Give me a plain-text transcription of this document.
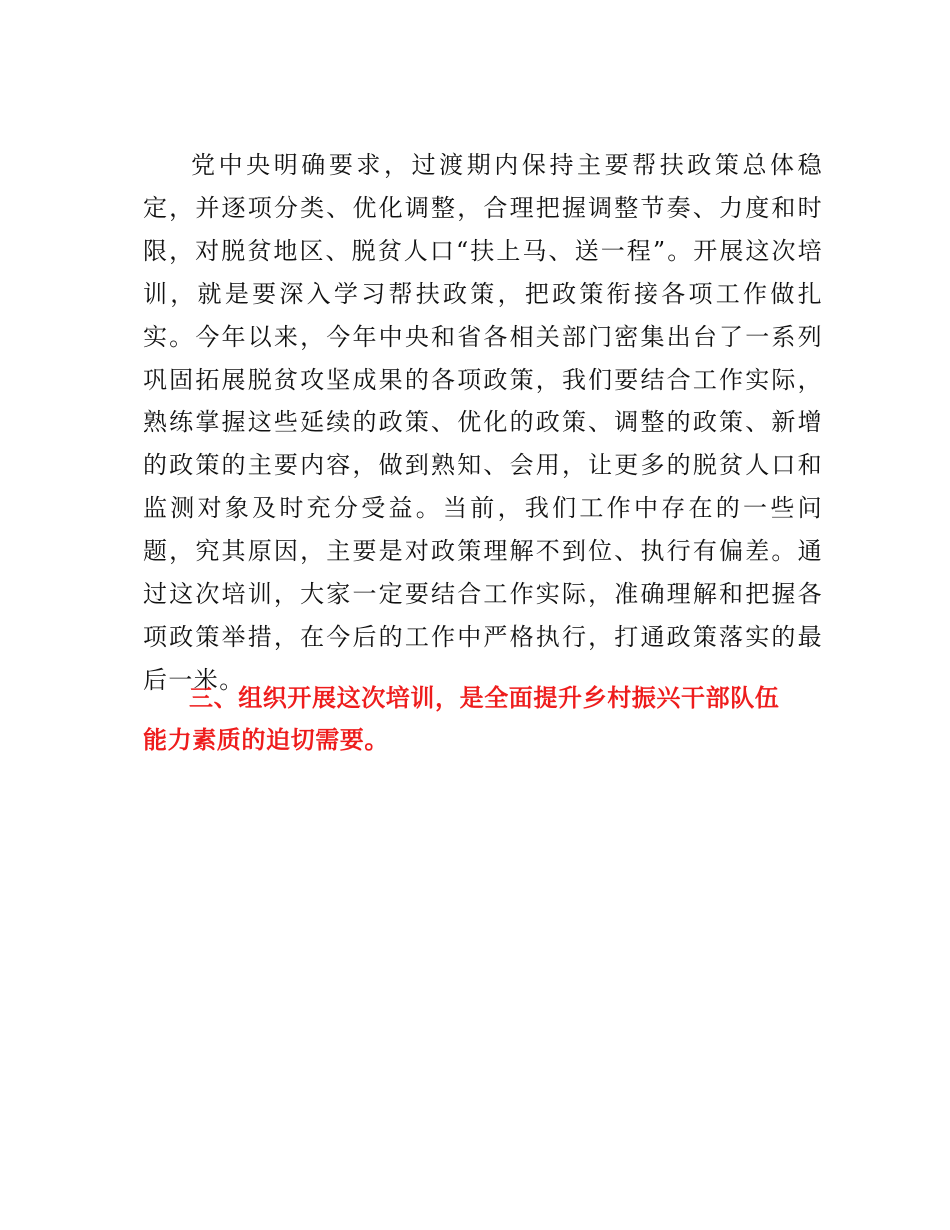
党中央明确要求，过渡期内保持主要帮扶政策总体稳定，并逐项分类、优化调整，合理把握调整节奏、力度和时限，对脱贫地区、脱贫人口“扶上马、送一程”。开展这次培训，就是要深入学习帮扶政策，把政策衔接各项工作做扎实。今年以来，今年中央和省各相关部门密集出台了一系列巩固拓展脱贫攻坚成果的各项政策，我们要结合工作实际，熟练掌握这些延续的政策、优化的政策、调整的政策、新增的政策的主要内容，做到熟知、会用，让更多的脱贫人口和监测对象及时充分受益。当前，我们工作中存在的一些问题，究其原因，主要是对政策理解不到位、执行有偏差。通过这次培训，大家一定要结合工作实际，准确理解和把握各项政策举措，在今后的工作中严格执行，打通政策落实的最后一米。

三、组织开展这次培训，是全面提升乡村振兴干部队伍能力素质的迫切需要。
